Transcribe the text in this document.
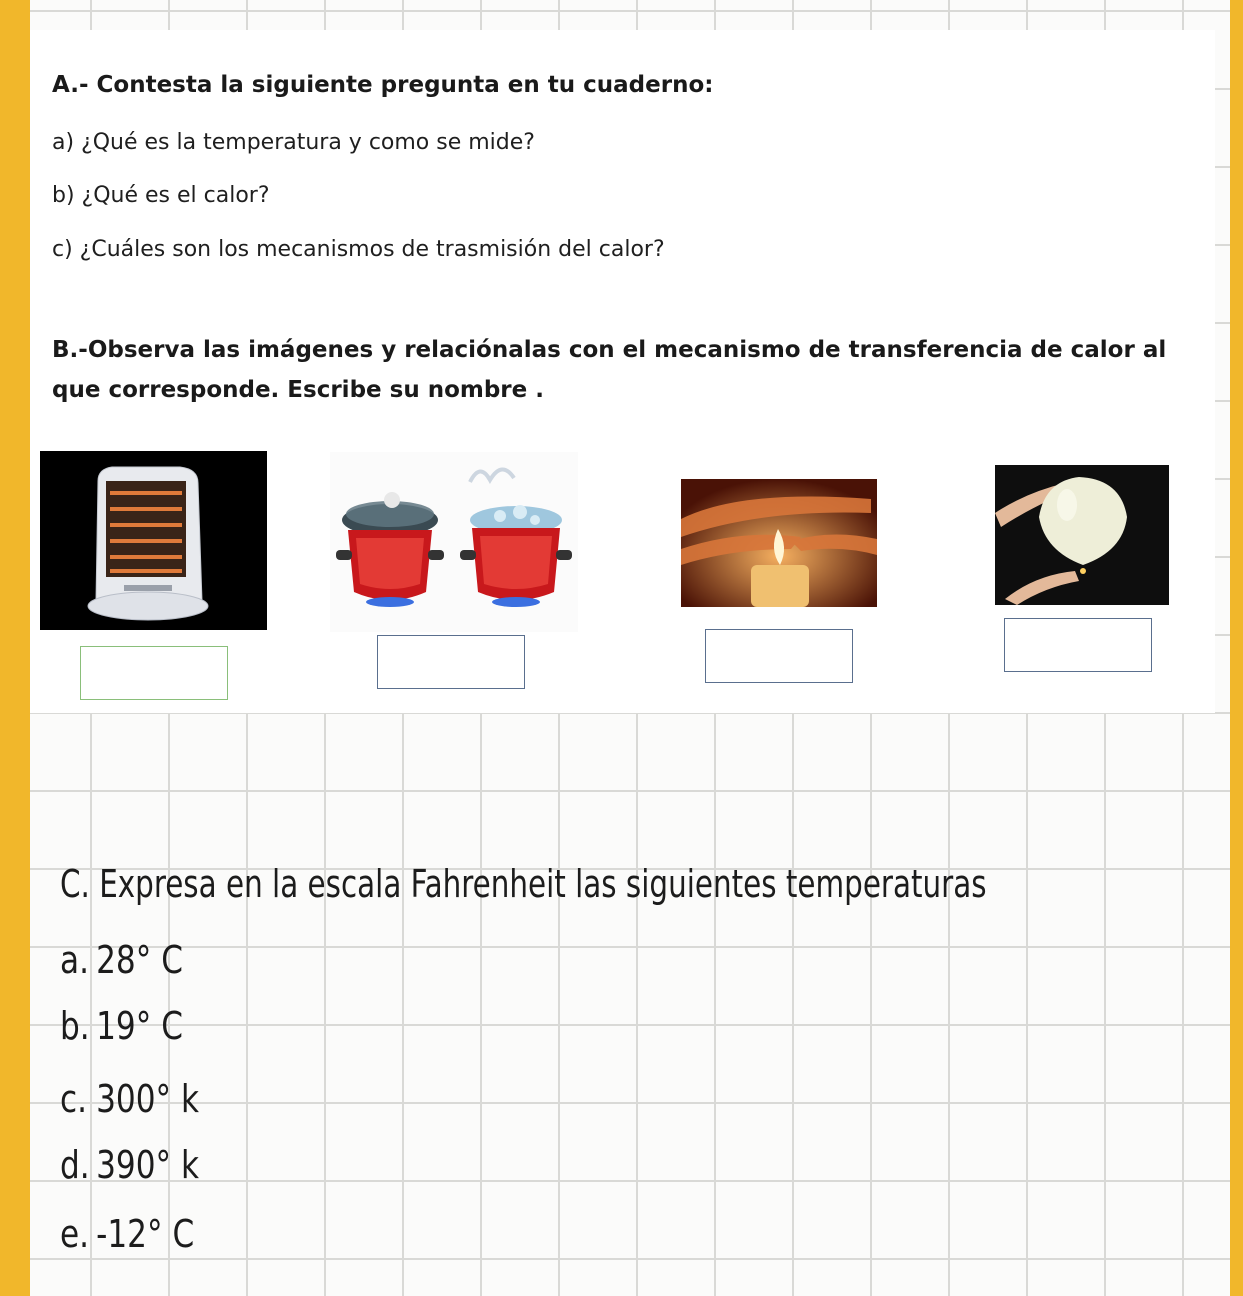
A.- Contesta la siguiente pregunta en tu cuaderno:
a) ¿Qué es la temperatura y como se mide?
b) ¿Qué es el calor?
c) ¿Cuáles son los mecanismos de trasmisión del calor?
B.-Observa las imágenes y relaciónalas con el mecanismo de transferencia de calor al que corresponde. Escribe su nombre .
C. Expresa en la escala Fahrenheit las siguientes temperaturas
a. 28° C
b. 19° C
c. 300° k
d. 390° k
e. -12° C
